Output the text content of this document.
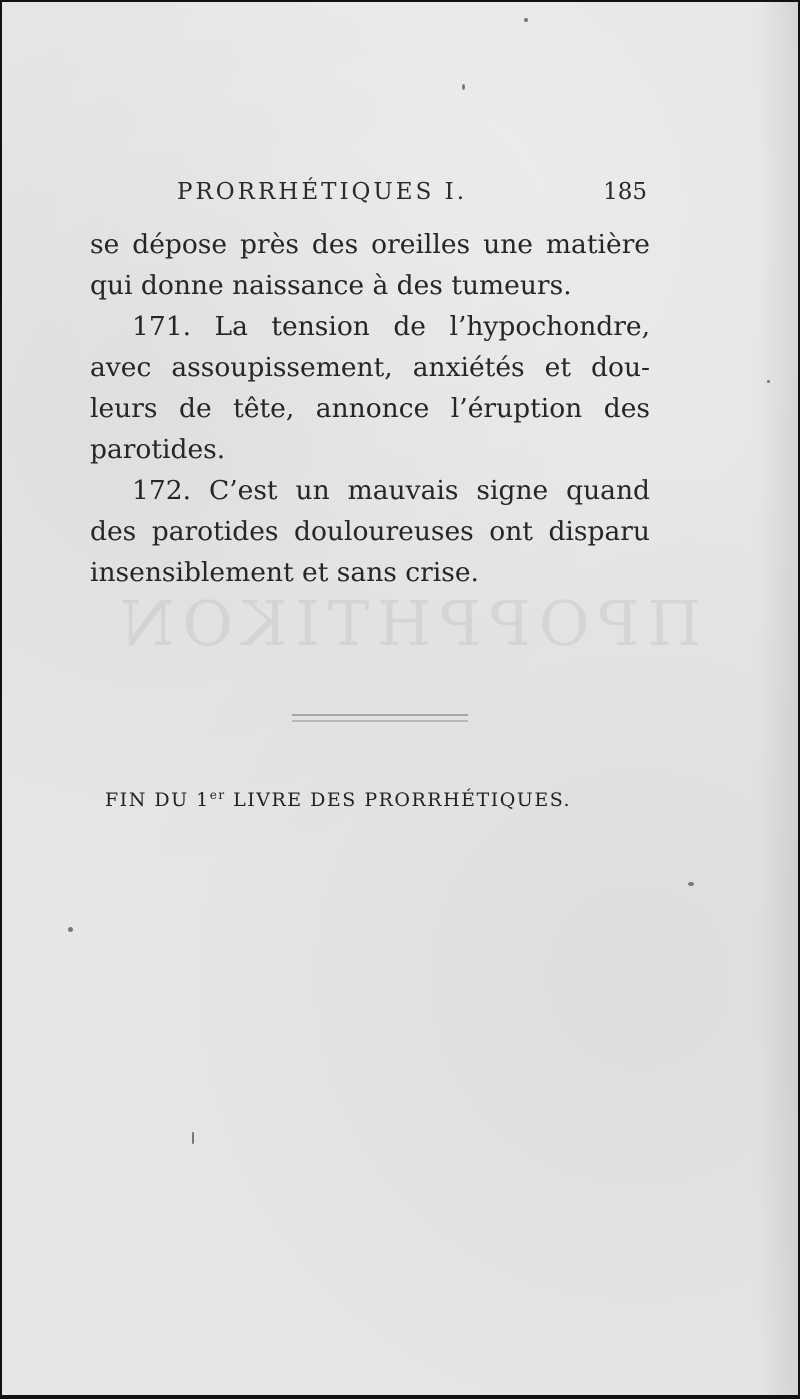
ΠΡΟΡΡΗΤΙΚΟΝ
PRORRHÉTIQUES I.	185
se dépose près des oreilles une matière
qui donne naissance à des tumeurs.
171. La tension de l’hypochondre,
avec assoupissement, anxiétés et dou-
leurs de tête, annonce l’éruption des
parotides.
172. C’est un mauvais signe quand
des parotides douloureuses ont disparu
insensiblement et sans crise.
FIN DU 1er LIVRE DES PRORRHÉTIQUES.
